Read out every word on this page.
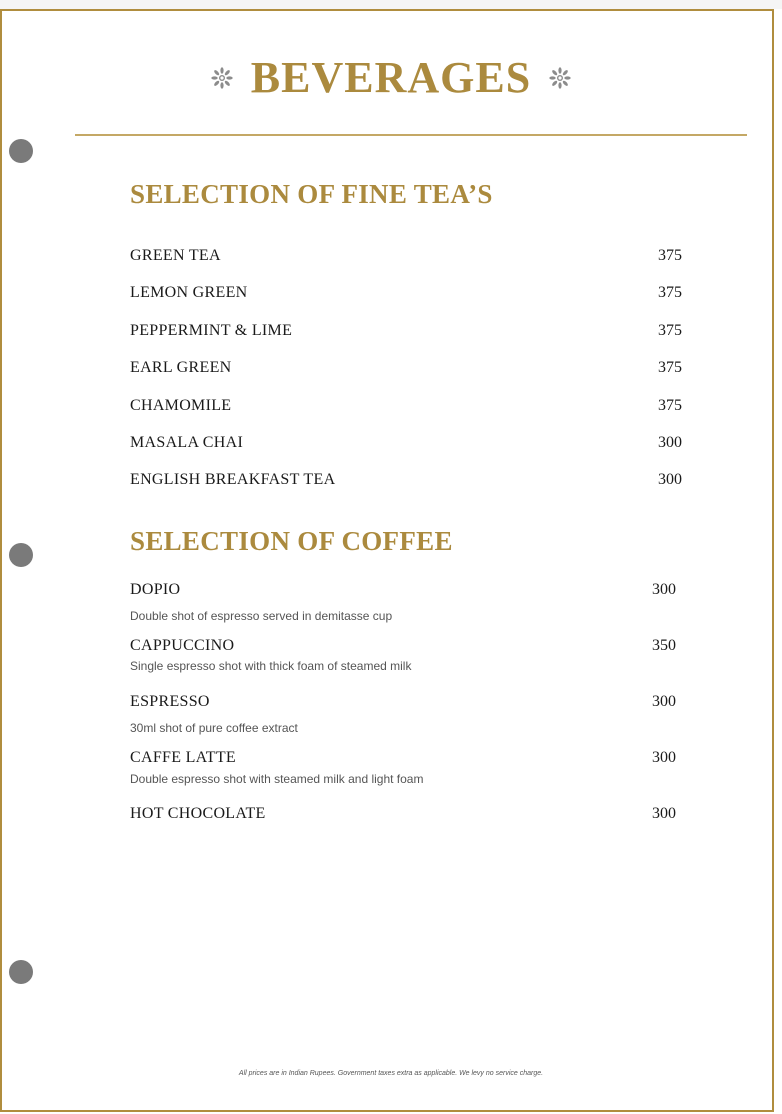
BEVERAGES
SELECTION OF FINE TEA’S
GREEN TEA	375
LEMON GREEN	375
PEPPERMINT & LIME	375
EARL GREEN	375
CHAMOMILE	375
MASALA CHAI	300
ENGLISH BREAKFAST TEA	300
SELECTION OF COFFEE
DOPIO	300
Double shot of espresso served in demitasse cup
CAPPUCCINO	350
Single espresso shot with thick foam of steamed milk
ESPRESSO	300
30ml shot of pure coffee extract
CAFFE LATTE	300
Double espresso shot with steamed milk and light foam
HOT CHOCOLATE	300
All prices are in Indian Rupees. Government taxes extra as applicable. We levy no service charge.
